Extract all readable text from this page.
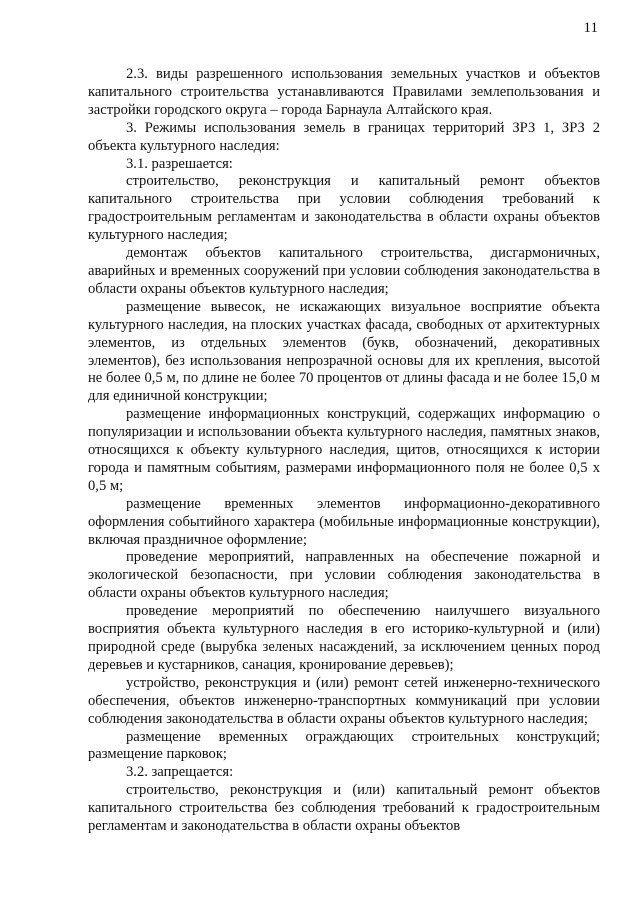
11

2.3. виды разрешенного использования земельных участков и объектов капитального строительства устанавливаются Правилами землепользования и застройки городского округа – города Барнаула Алтайского края.

3. Режимы использования земель в границах территорий ЗРЗ 1, ЗРЗ 2 объекта культурного наследия:

3.1. разрешается:

строительство, реконструкция и капитальный ремонт объектов капитального строительства при условии соблюдения требований к градостроительным регламентам и законодательства в области охраны объектов культурного наследия;

демонтаж объектов капитального строительства, дисгармоничных, аварийных и временных сооружений при условии соблюдения законодательства в области охраны объектов культурного наследия;

размещение вывесок, не искажающих визуальное восприятие объекта культурного наследия, на плоских участках фасада, свободных от архитектурных элементов, из отдельных элементов (букв, обозначений, декоративных элементов), без использования непрозрачной основы для их крепления, высотой не более 0,5 м, по длине не более 70 процентов от длины фасада и не более 15,0 м для единичной конструкции;

размещение информационных конструкций, содержащих информацию о популяризации и использовании объекта культурного наследия, памятных знаков, относящихся к объекту культурного наследия, щитов, относящихся к истории города и памятным событиям, размерами информационного поля не более 0,5 х 0,5 м;

размещение временных элементов информационно-декоративного оформления событийного характера (мобильные информационные конструкции), включая праздничное оформление;

проведение мероприятий, направленных на обеспечение пожарной и экологической безопасности, при условии соблюдения законодательства в области охраны объектов культурного наследия;

проведение мероприятий по обеспечению наилучшего визуального восприятия объекта культурного наследия в его историко-культурной и (или) природной среде (вырубка зеленых насаждений, за исключением ценных пород деревьев и кустарников, санация, кронирование деревьев);

устройство, реконструкция и (или) ремонт сетей инженерно-технического обеспечения, объектов инженерно-транспортных коммуникаций при условии соблюдения законодательства в области охраны объектов культурного наследия;

размещение временных ограждающих строительных конструкций; размещение парковок;

3.2. запрещается:

строительство, реконструкция и (или) капитальный ремонт объектов капитального строительства без соблюдения требований к градостроительным регламентам и законодательства в области охраны объектов
